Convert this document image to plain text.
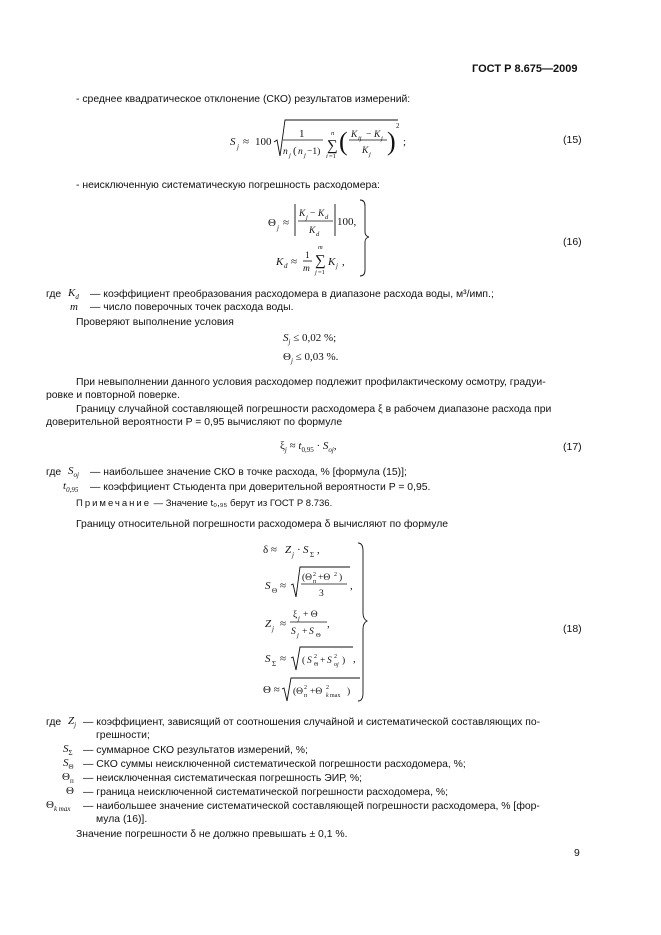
ГОСТ Р 8.675—2009
- среднее квадратическое отклонение (СКО) результатов измерений:
S j ≈ 100
1
n j ( n j −1)
n
∑
i =1
( K ij − K j
K j )
2
;	(15)
- неисключенную систематическую погрешность расходомера:
Θ j ≈
K j − K d
K d
100,
K d ≈ 1
m
m
∑
j =1
K j ,
(16)
где $K_d$ — коэффициент преобразования расходомера в диапазоне расхода воды, м³/имп.;
m — число поверочных точек расхода воды.
Проверяют выполнение условия
$S_j \le 0,02$ %;
$\Theta_j \le 0,03$ %.
При невыполнении данного условия расходомер подлежит профилактическому осмотру, градуи-
ровке и повторной поверке.
Границу случайной составляющей погрешности расходомера ξ в рабочем диапазоне расхода при
доверительной вероятности P = 0,95 вычисляют по формуле
$\xi_j \approx t_{0,95} \cdot S_{oj}$,	(17)
где $S_{oj}$ — наибольшее значение СКО в точке расхода, % [формула (15)];
$t_{0,95}$ — коэффициент Стьюдента при доверительной вероятности P = 0,95.
Примечание — Значение t₀,₉₅ берут из ГОСТ Р 8.736.
Границу относительной погрешности расходомера δ вычисляют по формуле
δ ≈ Z j · S Σ ,
S Θ ≈
(Θ 2
п +Θ 2 )
3
,
Z j ≈
ξ j + Θ
S j + S Θ
,
S Σ ≈ ( S 2
Θ + S 2
oj ) ,
Θ ≈ (Θ 2
п +Θ 2
k max )
(18)
где $Z_j$ — коэффициент, зависящий от соотношения случайной и систематической составляющих по-
грешности;
$S_\Sigma$ — суммарное СКО результатов измерений, %;
$S_\Theta$ — СКО суммы неисключенной систематической погрешности расходомера, %;
$\Theta_п$ — неисключенная систематическая погрешность ЭИР, %;
Θ — граница неисключенной систематической погрешности расходомера, %;
$\Theta_{k max}$ — наибольшее значение систематической составляющей погрешности расходомера, % [фор-
мула (16)].
Значение погрешности δ не должно превышать ± 0,1 %.
9
